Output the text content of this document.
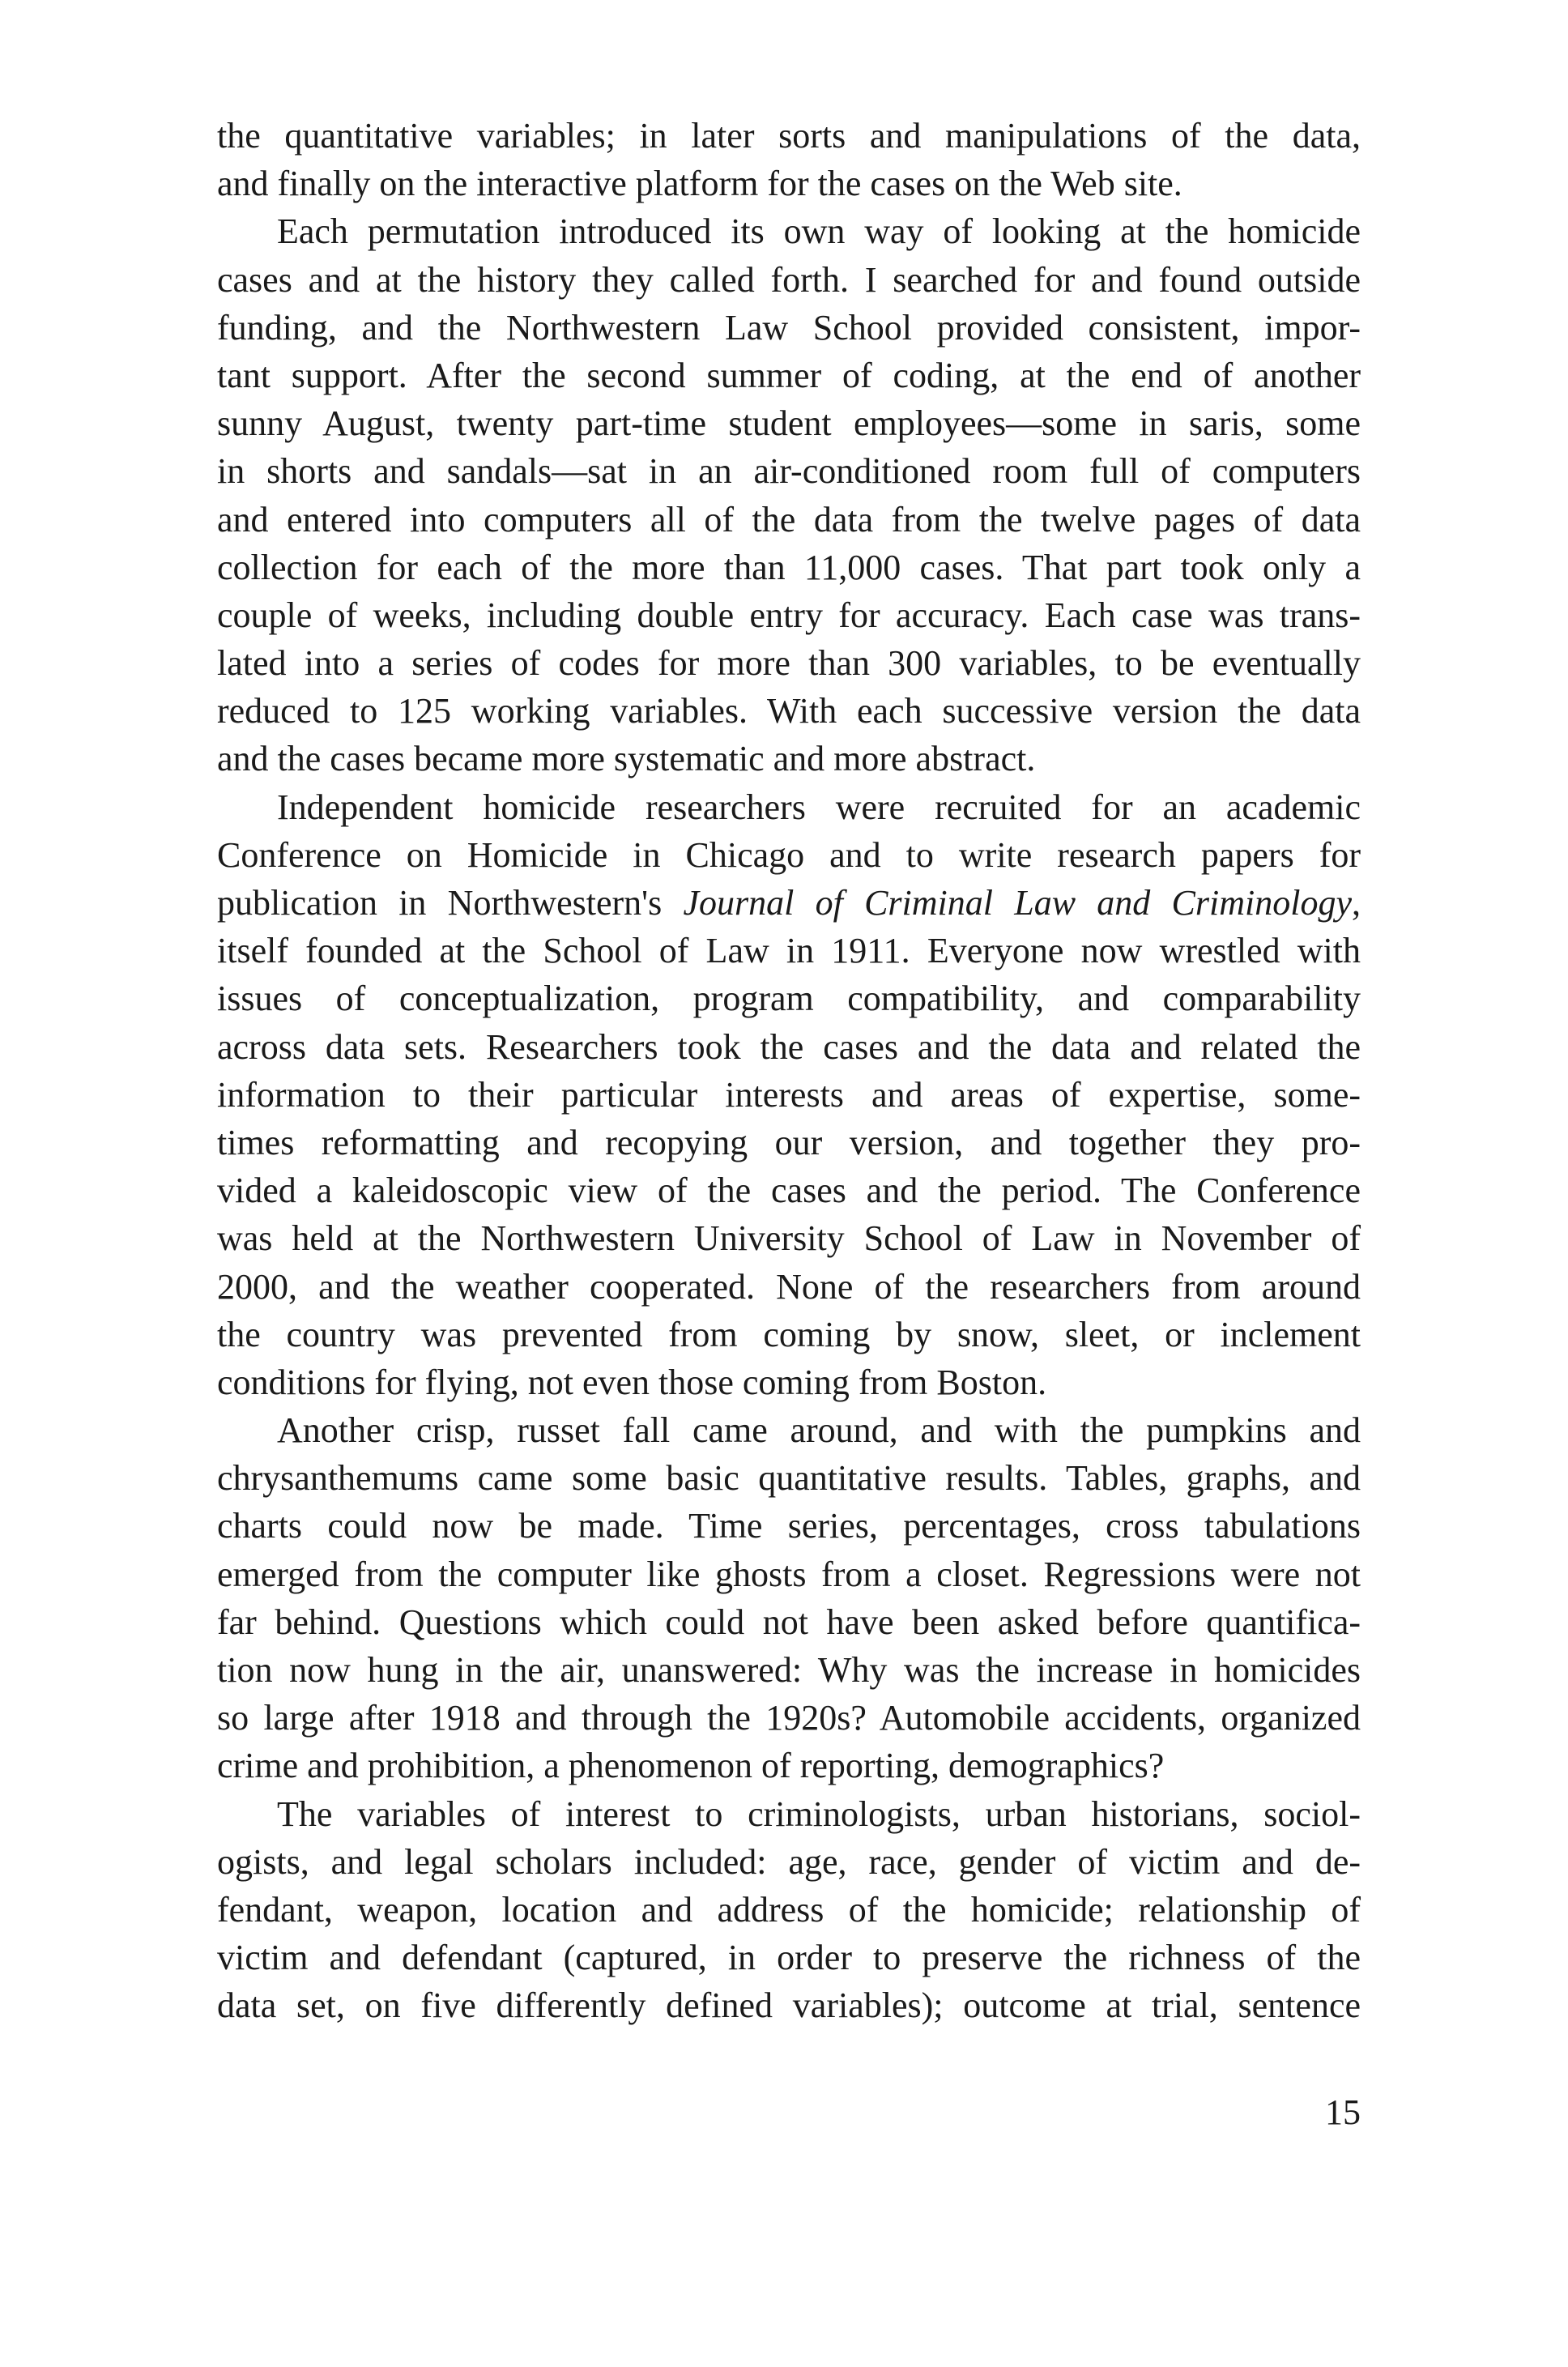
the quantitative variables; in later sorts and manipulations of the data,
and finally on the interactive platform for the cases on the Web site.
Each permutation introduced its own way of looking at the homicide
cases and at the history they called forth. I searched for and found outside
funding, and the Northwestern Law School provided consistent, impor-
tant support. After the second summer of coding, at the end of another
sunny August, twenty part-time student employees—some in saris, some
in shorts and sandals—sat in an air-conditioned room full of computers
and entered into computers all of the data from the twelve pages of data
collection for each of the more than 11,000 cases. That part took only a
couple of weeks, including double entry for accuracy. Each case was trans-
lated into a series of codes for more than 300 variables, to be eventually
reduced to 125 working variables. With each successive version the data
and the cases became more systematic and more abstract.
Independent homicide researchers were recruited for an academic
Conference on Homicide in Chicago and to write research papers for
publication in Northwestern's Journal of Criminal Law and Criminology,
itself founded at the School of Law in 1911. Everyone now wrestled with
issues of conceptualization, program compatibility, and comparability
across data sets. Researchers took the cases and the data and related the
information to their particular interests and areas of expertise, some-
times reformatting and recopying our version, and together they pro-
vided a kaleidoscopic view of the cases and the period. The Conference
was held at the Northwestern University School of Law in November of
2000, and the weather cooperated. None of the researchers from around
the country was prevented from coming by snow, sleet, or inclement
conditions for flying, not even those coming from Boston.
Another crisp, russet fall came around, and with the pumpkins and
chrysanthemums came some basic quantitative results. Tables, graphs, and
charts could now be made. Time series, percentages, cross tabulations
emerged from the computer like ghosts from a closet. Regressions were not
far behind. Questions which could not have been asked before quantifica-
tion now hung in the air, unanswered: Why was the increase in homicides
so large after 1918 and through the 1920s? Automobile accidents, organized
crime and prohibition, a phenomenon of reporting, demographics?
The variables of interest to criminologists, urban historians, sociol-
ogists, and legal scholars included: age, race, gender of victim and de-
fendant, weapon, location and address of the homicide; relationship of
victim and defendant (captured, in order to preserve the richness of the
data set, on five differently defined variables); outcome at trial, sentence
15
